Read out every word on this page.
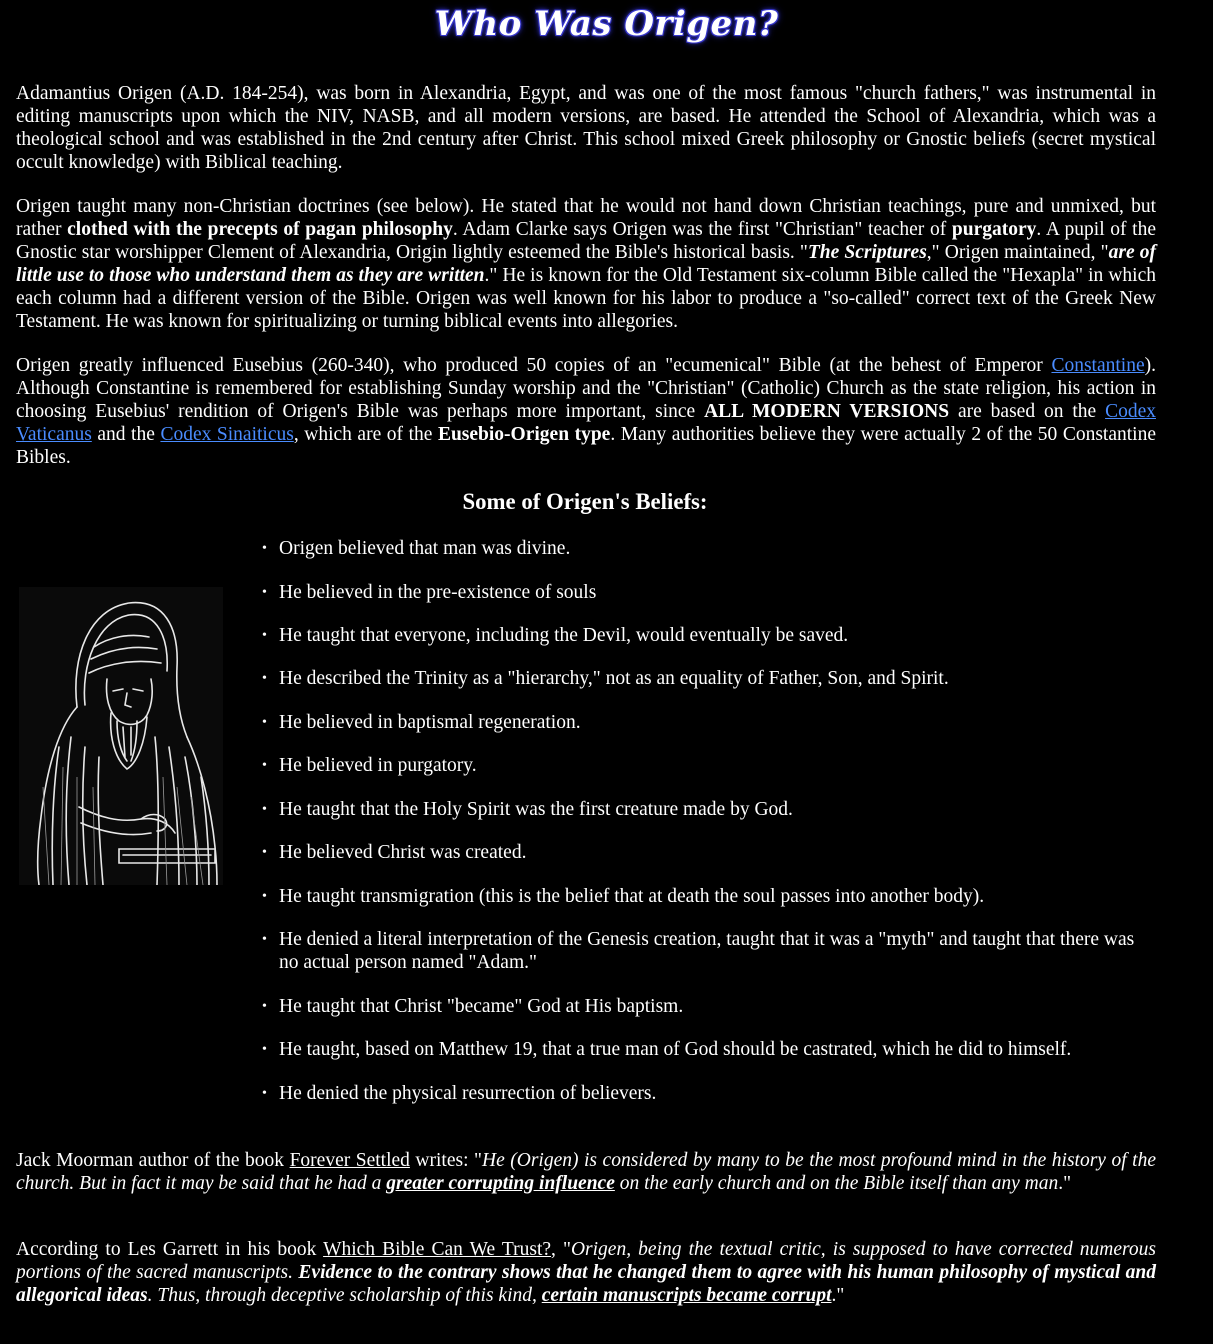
Who Was Origen?

Adamantius Origen (A.D. 184-254), was born in Alexandria, Egypt, and was one of the most famous "church fathers," was instrumental in editing manuscripts upon which the NIV, NASB, and all modern versions, are based. He attended the School of Alexandria, which was a theological school and was established in the 2nd century after Christ. This school mixed Greek philosophy or Gnostic beliefs (secret mystical occult knowledge) with Biblical teaching.

Origen taught many non-Christian doctrines (see below). He stated that he would not hand down Christian teachings, pure and unmixed, but rather clothed with the precepts of pagan philosophy. Adam Clarke says Origen was the first "Christian" teacher of purgatory. A pupil of the Gnostic star worshipper Clement of Alexandria, Origin lightly esteemed the Bible's historical basis. "The Scriptures," Origen maintained, "are of little use to those who understand them as they are written." He is known for the Old Testament six-column Bible called the "Hexapla" in which each column had a different version of the Bible. Origen was well known for his labor to produce a "so-called" correct text of the Greek New Testament. He was known for spiritualizing or turning biblical events into allegories.

Origen greatly influenced Eusebius (260-340), who produced 50 copies of an "ecumenical" Bible (at the behest of Emperor Constantine). Although Constantine is remembered for establishing Sunday worship and the "Christian" (Catholic) Church as the state religion, his action in choosing Eusebius' rendition of Origen's Bible was perhaps more important, since ALL MODERN VERSIONS are based on the Codex Vaticanus and the Codex Sinaiticus, which are of the Eusebio-Origen type. Many authorities believe they were actually 2 of the 50 Constantine Bibles.

Some of Origen's Beliefs:
• Origen believed that man was divine.
• He believed in the pre-existence of souls
• He taught that everyone, including the Devil, would eventually be saved.
• He described the Trinity as a "hierarchy," not as an equality of Father, Son, and Spirit.
• He believed in baptismal regeneration.
• He believed in purgatory.
• He taught that the Holy Spirit was the first creature made by God.
• He believed Christ was created.
• He taught transmigration (this is the belief that at death the soul passes into another body).
• He denied a literal interpretation of the Genesis creation, taught that it was a "myth" and taught that there was no actual person named "Adam."
• He taught that Christ "became" God at His baptism.
• He taught, based on Matthew 19, that a true man of God should be castrated, which he did to himself.
• He denied the physical resurrection of believers.

Jack Moorman author of the book Forever Settled writes: "He (Origen) is considered by many to be the most profound mind in the history of the church. But in fact it may be said that he had a greater corrupting influence on the early church and on the Bible itself than any man."

According to Les Garrett in his book Which Bible Can We Trust?, "Origen, being the textual critic, is supposed to have corrected numerous portions of the sacred manuscripts. Evidence to the contrary shows that he changed them to agree with his human philosophy of mystical and allegorical ideas. Thus, through deceptive scholarship of this kind, certain manuscripts became corrupt."
